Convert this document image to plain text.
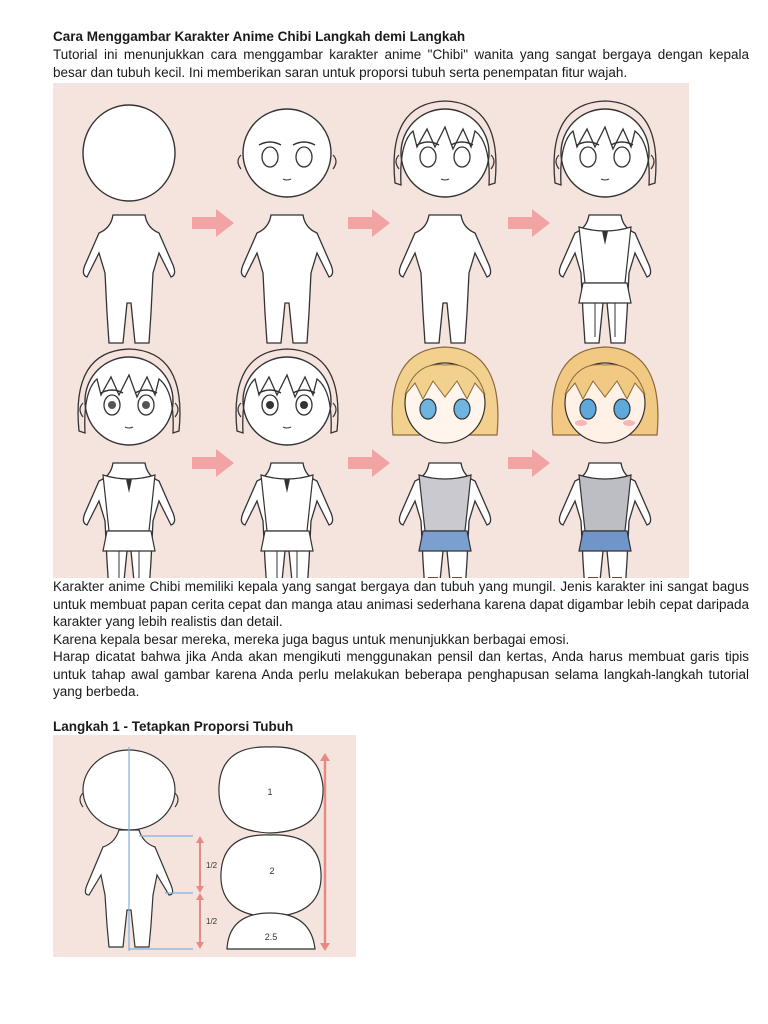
Cara Menggambar Karakter Anime Chibi Langkah demi Langkah

Tutorial ini menunjukkan cara menggambar karakter anime "Chibi" wanita yang sangat bergaya dengan kepala besar dan tubuh kecil. Ini memberikan saran untuk proporsi tubuh serta penempatan fitur wajah.

Karakter anime Chibi memiliki kepala yang sangat bergaya dan tubuh yang mungil. Jenis karakter ini sangat bagus untuk membuat papan cerita cepat dan manga atau animasi sederhana karena dapat digambar lebih cepat daripada karakter yang lebih realistis dan detail.

Karena kepala besar mereka, mereka juga bagus untuk menunjukkan berbagai emosi.

Harap dicatat bahwa jika Anda akan mengikuti menggunakan pensil dan kertas, Anda harus membuat garis tipis untuk tahap awal gambar karena Anda perlu melakukan beberapa penghapusan selama langkah-langkah tutorial yang berbeda.

Langkah 1 - Tetapkan Proporsi Tubuh
1/2
1/2
1
2
2.5
